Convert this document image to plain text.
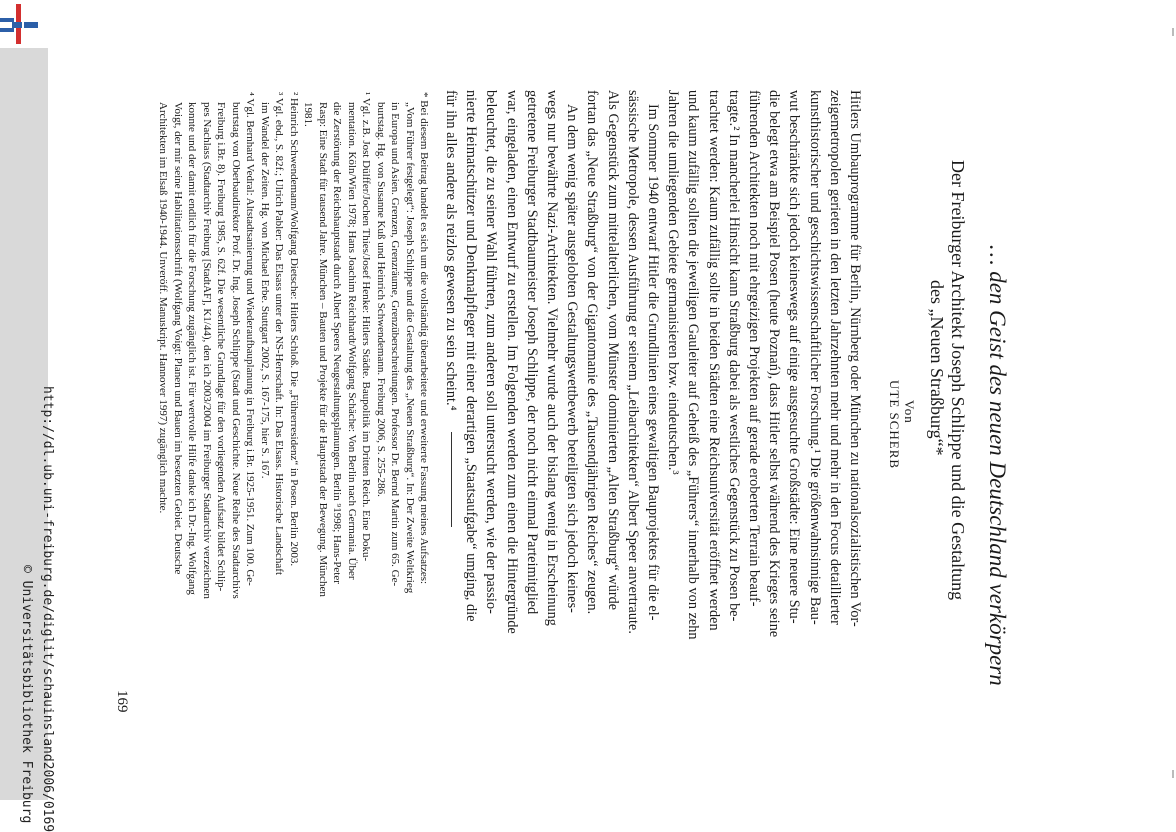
http://dl.ub.uni-freiburg.de/diglit/schauinsland2006/0169
© Universitätsbibliothek Freiburg
… den Geist des neuen Deutschland verkörpern
Der Freiburger Architekt Joseph Schlippe und die Gestaltung
des „Neuen Straßburg“*
Von
UTE SCHERB
Hitlers Umbauprogramme für Berlin, Nürnberg oder München zu nationalsozialistischen Vor-
zeigemetropolen gerieten in den letzten Jahrzehnten mehr und mehr in den Focus detaillierter
kunsthistorischer und geschichtswissenschaftlicher Forschung.¹ Die größenwahnsinnige Bau-
wut beschränkte sich jedoch keineswegs auf einige ausgesuchte Großstädte: Eine neuere Stu-
die belegt etwa am Beispiel Posen (heute Poznań), dass Hitler selbst während des Krieges seine
führenden Architekten noch mit ehrgeizigen Projekten auf gerade eroberten Terrain beauf-
tragte.² In mancherlei Hinsicht kann Straßburg dabei als westliches Gegenstück zu Posen be-
trachtet werden: Kaum zufällig sollte in beiden Städten eine Reichsuniversität eröffnet werden
und kaum zufällig sollten die jeweiligen Gauleiter auf Geheiß des „Führers“ innerhalb von zehn
Jahren die umliegenden Gebiete germanisieren bzw. eindeutschen.³
Im Sommer 1940 entwarf Hitler die Grundlinien eines gewaltigen Bauprojektes für die el-
sässische Metropole, dessen Ausführung er seinem „Leibarchitekten“ Albert Speer anvertraute.
Als Gegenstück zum mittelalterlichen, vom Münster dominierten „Alten Straßburg“ würde
fortan das „Neue Straßburg“ von der Gigantomanie des „Tausendjährigen Reiches“ zeugen.
An dem wenig später ausgelobten Gestaltungswettbewerb beteiligten sich jedoch keines-
wegs nur bewährte Nazi-Architekten. Vielmehr wurde auch der bislang wenig in Erscheinung
getretene Freiburger Stadtbaumeister Joseph Schlippe, der noch nicht einmal Parteimitglied
war, eingeladen, einen Entwurf zu erstellen. Im Folgenden werden zum einen die Hintergründe
beleuchtet, die zu seiner Wahl führten, zum anderen soll untersucht werden, wie der passio-
nierte Heimatschützer und Denkmalpfleger mit einer derartigen „Staatsaufgabe“ umging, die
für ihn alles andere als reizlos gewesen zu sein scheint.⁴
* Bei diesem Beitrag handelt es sich um die vollständig überarbeitete und erweiterte Fassung meines Aufsatzes:
„Vom Führer festgelegt“: Joseph Schlippe und die Gestaltung des „Neuen Straßburg“. In: Der Zweite Weltkrieg
in Europa und Asien. Grenzen, Grenzräume, Grenzüberschreitungen. Professor Dr. Bernd Martin zum 65. Ge-
burtstag. Hg. von Susanne Kuß und Heinrich Schwendemann. Freiburg 2006, S. 255-286.
¹ Vgl. z.B. Jost Dülffer/Jochen Thies/Josef Henke: Hitlers Städte. Baupolitik im Dritten Reich. Eine Doku-
mentation. Köln/Wien 1978; Hans Joachim Reichhardt/Wolfgang Schäche: Von Berlin nach Germania. Über
die Zerstörung der Reichshauptstadt durch Albert Speers Neugestaltungsplanungen. Berlin ⁹1998; Hans-Peter
Rasp: Eine Stadt für tausend Jahre. München – Bauten und Projekte für die Hauptstadt der Bewegung. München
1981.
² Heinrich Schwendemann/Wolfgang Dietsche: Hitlers Schloß. Die „Führerresidenz“ in Posen. Berlin 2003.
³ Vgl. ebd., S. 82f.; Ulrich Pabler: Das Elsass unter der NS-Herrschaft. In: Das Elsass. Historische Landschaft
im Wandel der Zeiten. Hg. von Michael Erbe. Stuttgart 2002, S. 167-175, hier S. 167.
⁴ Vgl. Bernhard Vedral: Altstadtsanierung und Wiederaufbauplanung in Freiburg i.Br. 1925-1951. Zum 100. Ge-
burtstag von Oberbaudirektor Prof. Dr. Ing. Joseph Schlippe (Stadt und Geschichte. Neue Reihe des Stadtarchivs
Freiburg i.Br. 8). Freiburg 1985, S. 62f. Die wesentliche Grundlage für den vorliegenden Aufsatz bildet Schlip-
pes Nachlass (Stadtarchiv Freiburg [StadtAF], K1/44), den ich 2003/2004 im Freiburger Stadtarchiv verzeichnen
konnte und der damit endlich für die Forschung zugänglich ist. Für wertvolle Hilfe danke ich Dr.-Ing. Wolfgang
Voigt, der mir seine Habilitationsschrift (Wolfgang Voigt: Planen und Bauen im besetzten Gebiet. Deutsche
Architekten im Elsaß 1940-1944. Unveröff. Manuskript. Hannover 1997) zugänglich machte.
169
